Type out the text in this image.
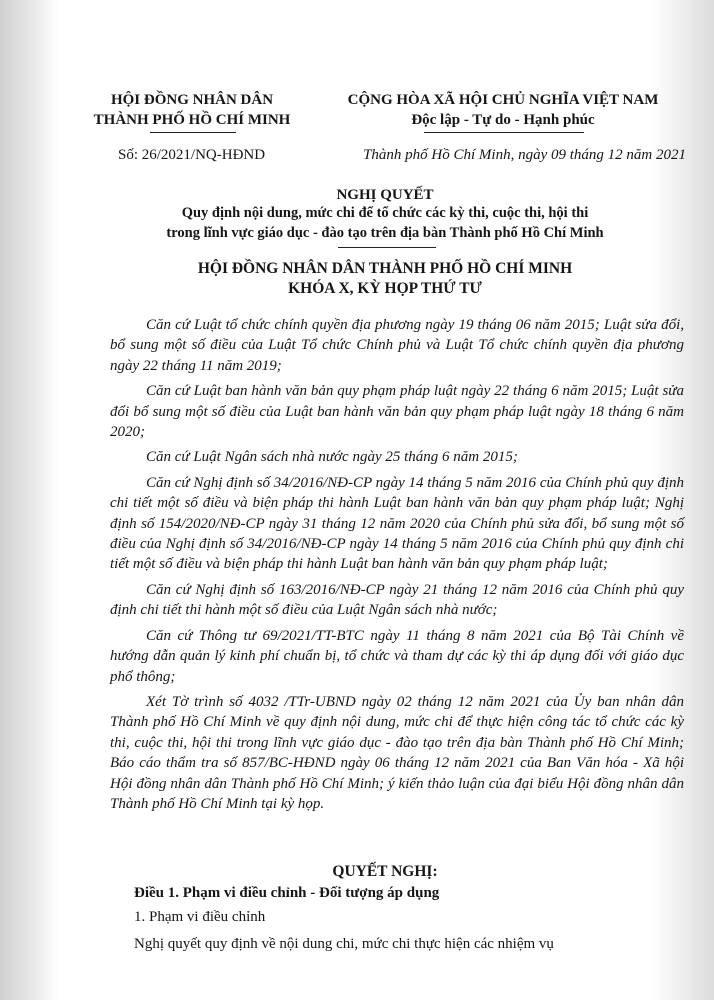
HỘI ĐỒNG NHÂN DÂN
THÀNH PHỐ HỒ CHÍ MINH
CỘNG HÒA XÃ HỘI CHỦ NGHĨA VIỆT NAM
Độc lập - Tự do - Hạnh phúc
Số: 26/2021/NQ-HĐND	Thành phố Hồ Chí Minh, ngày 09 tháng 12 năm 2021
NGHỊ QUYẾT
Quy định nội dung, mức chi để tổ chức các kỳ thi, cuộc thi, hội thi
trong lĩnh vực giáo dục - đào tạo trên địa bàn Thành phố Hồ Chí Minh
HỘI ĐỒNG NHÂN DÂN THÀNH PHỐ HỒ CHÍ MINH
KHÓA X, KỲ HỌP THỨ TƯ

Căn cứ Luật tổ chức chính quyền địa phương ngày 19 tháng 06 năm 2015; Luật sửa đổi, bổ sung một số điều của Luật Tổ chức Chính phủ và Luật Tổ chức chính quyền địa phương ngày 22 tháng 11 năm 2019;

Căn cứ Luật ban hành văn bản quy phạm pháp luật ngày 22 tháng 6 năm 2015; Luật sửa đổi bổ sung một số điều của Luật ban hành văn bản quy phạm pháp luật ngày 18 tháng 6 năm 2020;

Căn cứ Luật Ngân sách nhà nước ngày 25 tháng 6 năm 2015;

Căn cứ Nghị định số 34/2016/NĐ-CP ngày 14 tháng 5 năm 2016 của Chính phủ quy định chi tiết một số điều và biện pháp thi hành Luật ban hành văn bản quy phạm pháp luật; Nghị định số 154/2020/NĐ-CP ngày 31 tháng 12 năm 2020 của Chính phủ sửa đổi, bổ sung một số điều của Nghị định số 34/2016/NĐ-CP ngày 14 tháng 5 năm 2016 của Chính phủ quy định chi tiết một số điều và biện pháp thi hành Luật ban hành văn bản quy phạm pháp luật;

Căn cứ Nghị định số 163/2016/NĐ-CP ngày 21 tháng 12 năm 2016 của Chính phủ quy định chi tiết thi hành một số điều của Luật Ngân sách nhà nước;

Căn cứ Thông tư 69/2021/TT-BTC ngày 11 tháng 8 năm 2021 của Bộ Tài Chính về hướng dẫn quản lý kinh phí chuẩn bị, tổ chức và tham dự các kỳ thi áp dụng đối với giáo dục phổ thông;

Xét Tờ trình số 4032 /TTr-UBND ngày 02 tháng 12 năm 2021 của Ủy ban nhân dân Thành phố Hồ Chí Minh về quy định nội dung, mức chi để thực hiện công tác tổ chức các kỳ thi, cuộc thi, hội thi trong lĩnh vực giáo dục - đào tạo trên địa bàn Thành phố Hồ Chí Minh; Báo cáo thẩm tra số 857/BC-HĐND ngày 06 tháng 12 năm 2021 của Ban Văn hóa - Xã hội Hội đồng nhân dân Thành phố Hồ Chí Minh; ý kiến thảo luận của đại biểu Hội đồng nhân dân Thành phố Hồ Chí Minh tại kỳ họp.

QUYẾT NGHỊ:
Điều 1. Phạm vi điều chỉnh - Đối tượng áp dụng
1. Phạm vi điều chỉnh
Nghị quyết quy định về nội dung chi, mức chi thực hiện các nhiệm vụ
